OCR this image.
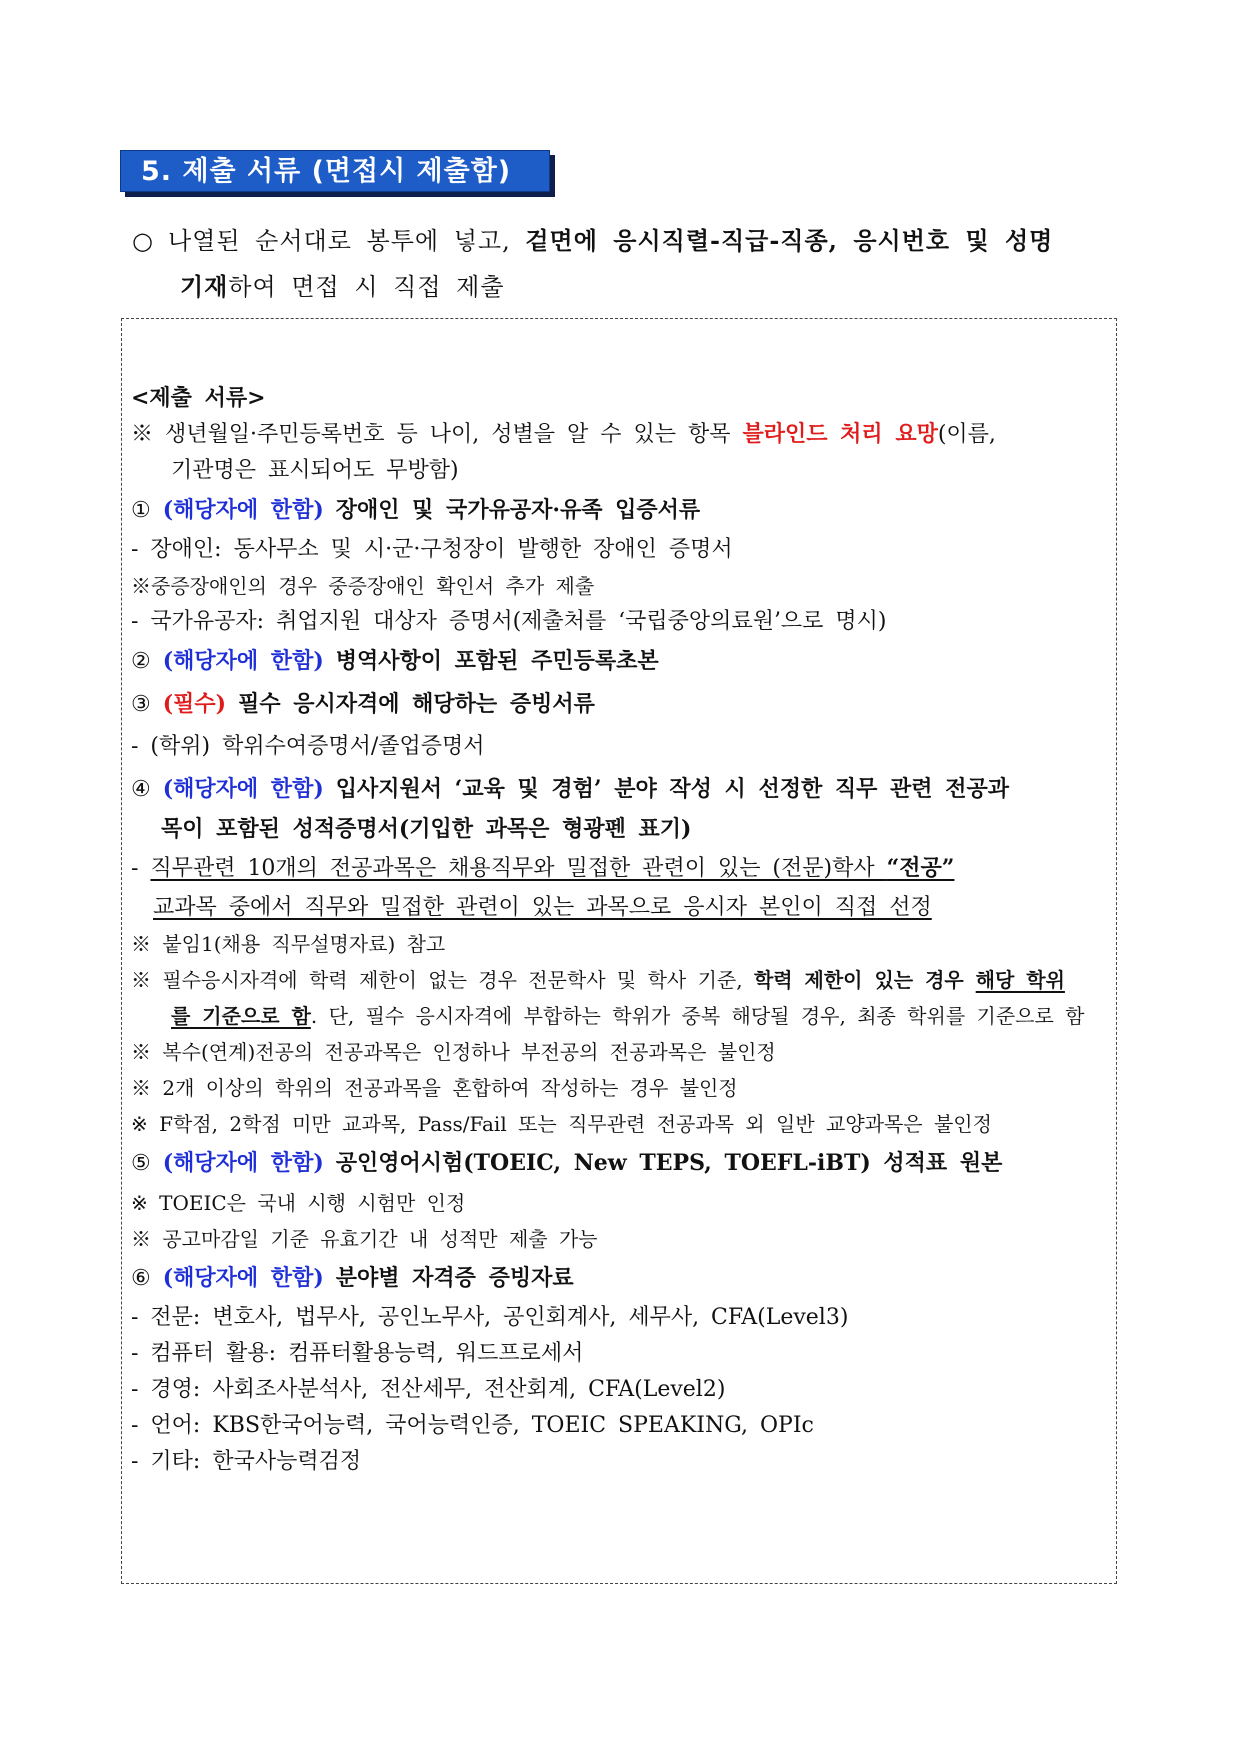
5. 제출 서류 (면접시 제출함)
○ 나열된 순서대로 봉투에 넣고, 겉면에 응시직렬-직급-직종, 응시번호 및 성명
기재하여 면접 시 직접 제출
<제출 서류>
※ 생년월일·주민등록번호 등 나이, 성별을 알 수 있는 항목 블라인드 처리 요망(이름,
기관명은 표시되어도 무방함)
① (해당자에 한함) 장애인 및 국가유공자·유족 입증서류
- 장애인: 동사무소 및 시·군·구청장이 발행한 장애인 증명서
※중증장애인의 경우 중증장애인 확인서 추가 제출
- 국가유공자: 취업지원 대상자 증명서(제출처를 ‘국립중앙의료원’으로 명시)
② (해당자에 한함) 병역사항이 포함된 주민등록초본
③ (필수) 필수 응시자격에 해당하는 증빙서류
- (학위) 학위수여증명서/졸업증명서
④ (해당자에 한함) 입사지원서 ‘교육 및 경험’ 분야 작성 시 선정한 직무 관련 전공과
목이 포함된 성적증명서(기입한 과목은 형광펜 표기)
- 직무관련 10개의 전공과목은 채용직무와 밀접한 관련이 있는 (전문)학사 “전공”
교과목 중에서 직무와 밀접한 관련이 있는 과목으로 응시자 본인이 직접 선정
※ 붙임1(채용 직무설명자료) 참고
※ 필수응시자격에 학력 제한이 없는 경우 전문학사 및 학사 기준, 학력 제한이 있는 경우 해당 학위
를 기준으로 함. 단, 필수 응시자격에 부합하는 학위가 중복 해당될 경우, 최종 학위를 기준으로 함
※ 복수(연계)전공의 전공과목은 인정하나 부전공의 전공과목은 불인정
※ 2개 이상의 학위의 전공과목을 혼합하여 작성하는 경우 불인정
※ F학점, 2학점 미만 교과목, Pass/Fail 또는 직무관련 전공과목 외 일반 교양과목은 불인정
⑤ (해당자에 한함) 공인영어시험(TOEIC, New TEPS, TOEFL-iBT) 성적표 원본
※ TOEIC은 국내 시행 시험만 인정
※ 공고마감일 기준 유효기간 내 성적만 제출 가능
⑥ (해당자에 한함) 분야별 자격증 증빙자료
- 전문: 변호사, 법무사, 공인노무사, 공인회계사, 세무사, CFA(Level3)
- 컴퓨터 활용: 컴퓨터활용능력, 워드프로세서
- 경영: 사회조사분석사, 전산세무, 전산회계, CFA(Level2)
- 언어: KBS한국어능력, 국어능력인증, TOEIC SPEAKING, OPIc
- 기타: 한국사능력검정
